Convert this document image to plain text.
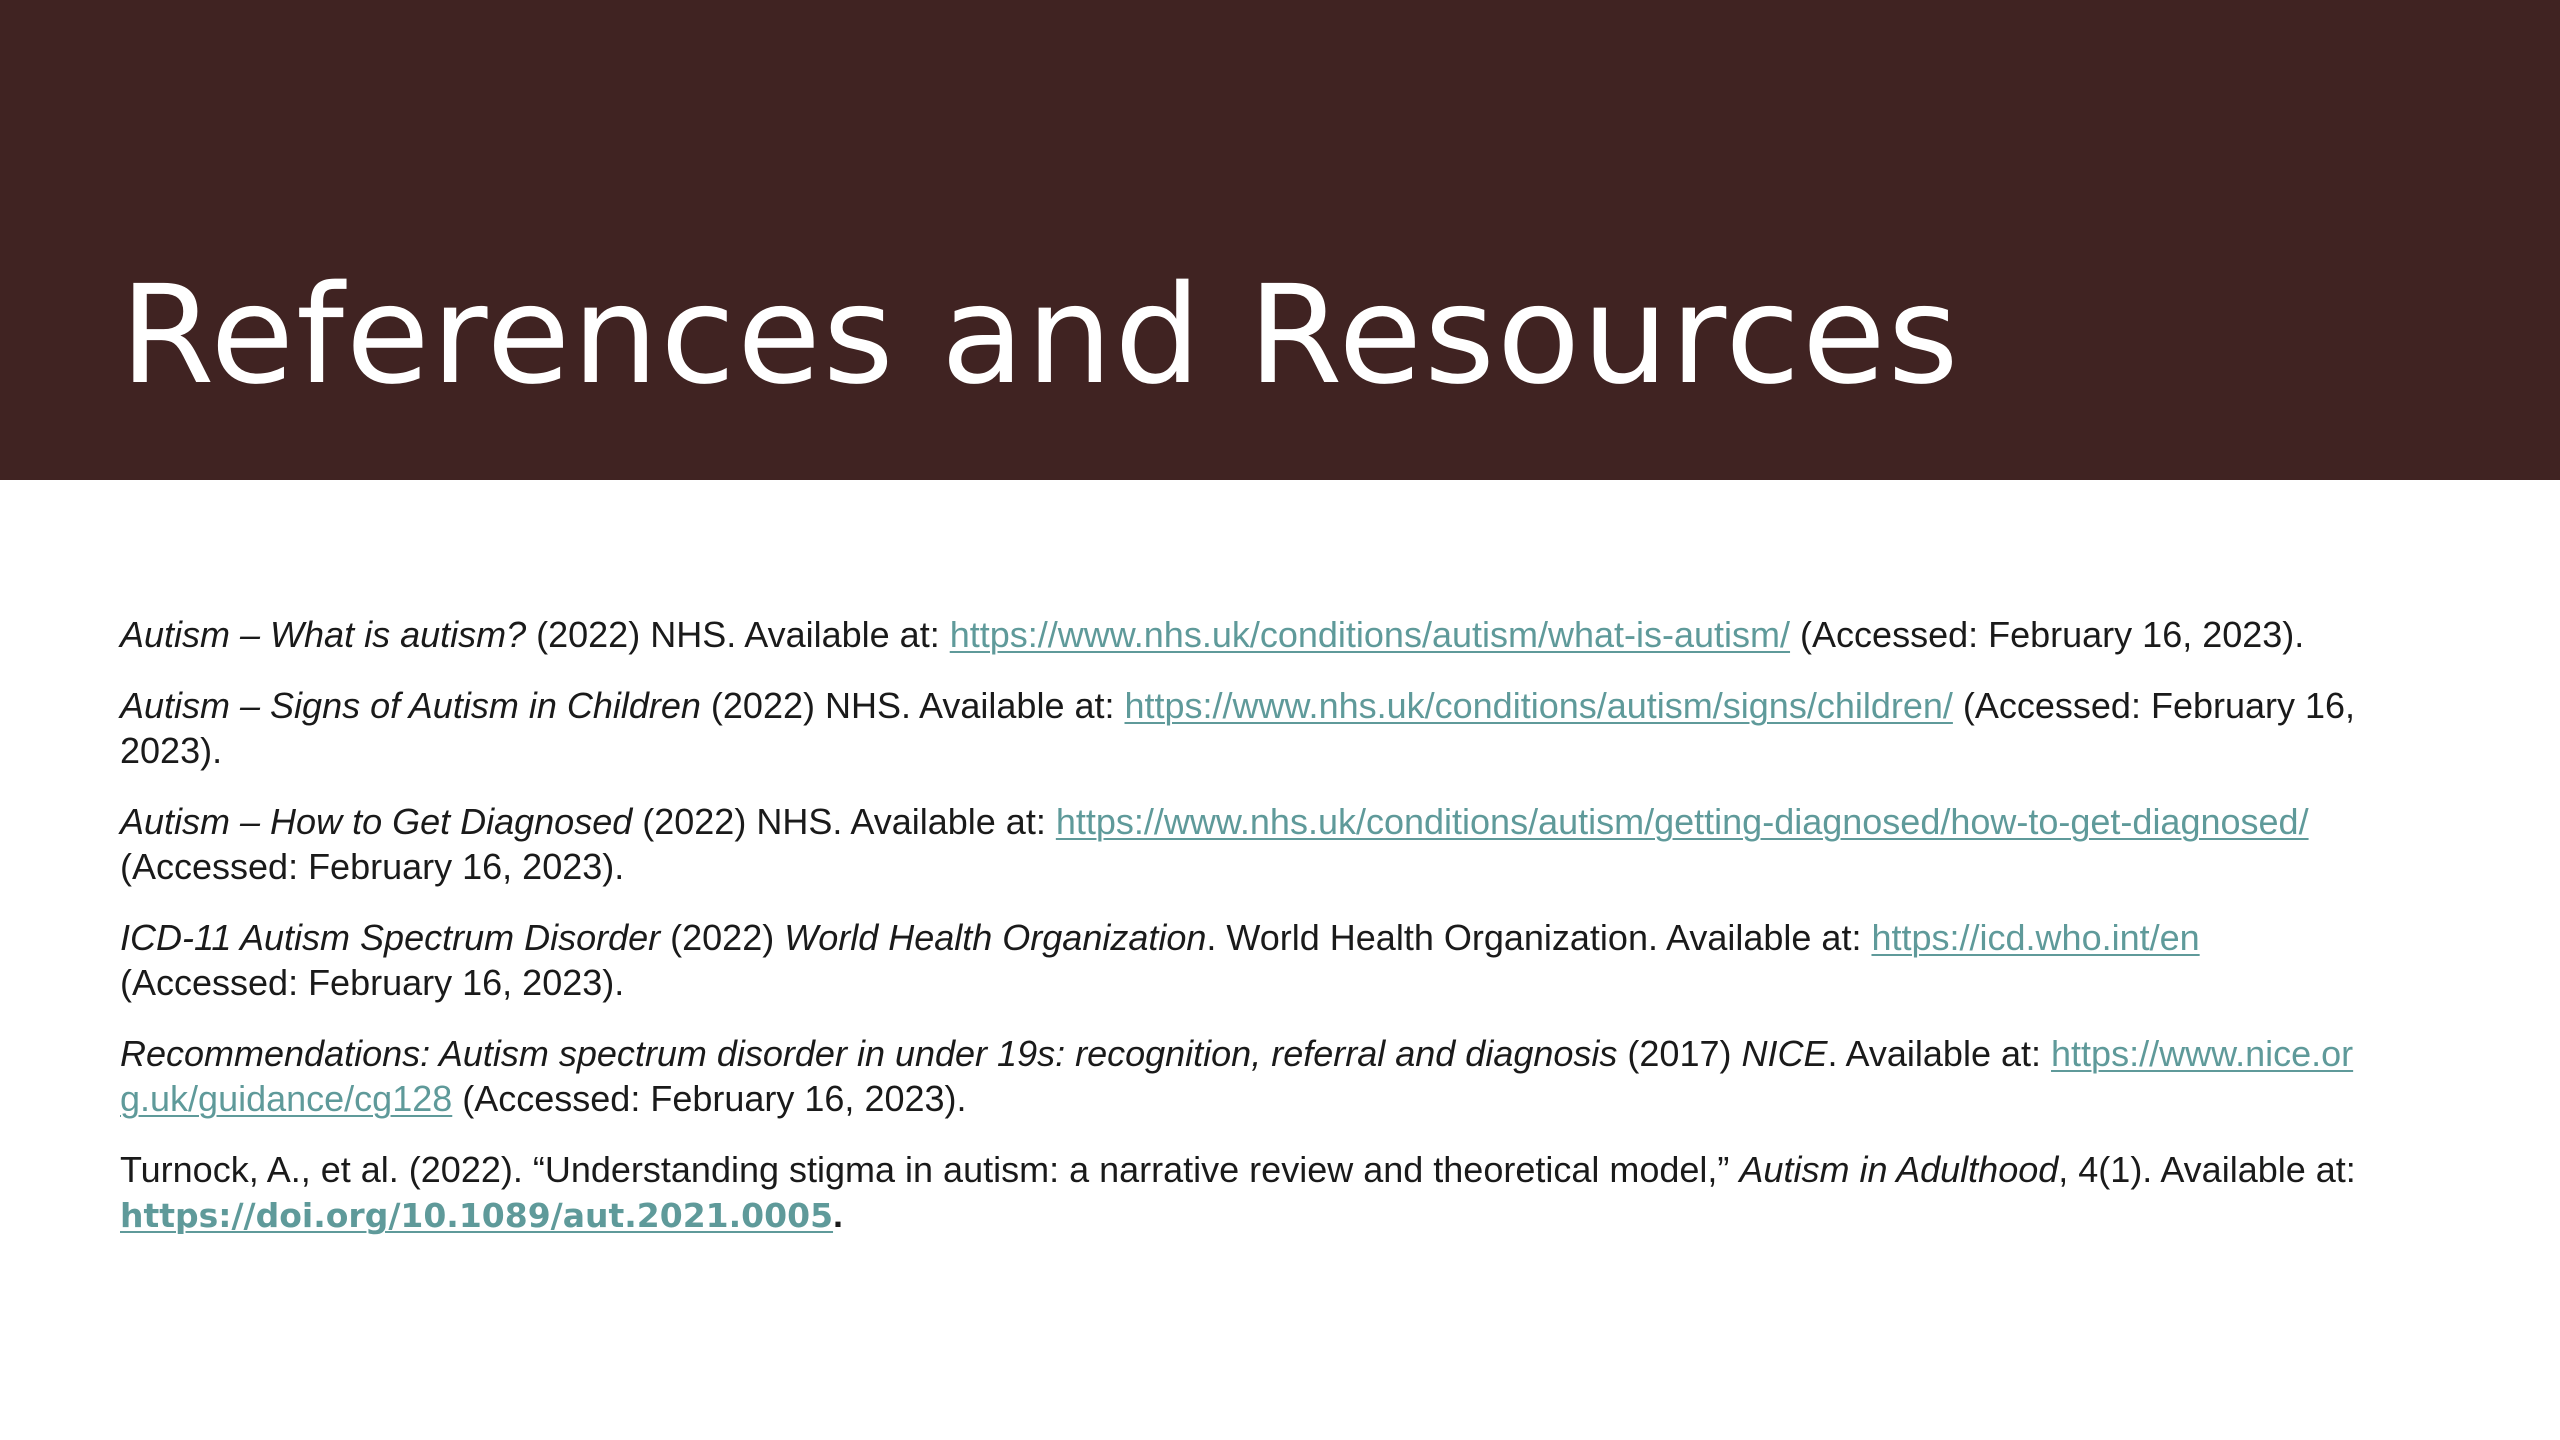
References and Resources
Autism – What is autism? (2022) NHS. Available at: https://www.nhs.uk/conditions/autism/what-is-autism/ (Accessed: February 16, 2023).
Autism – Signs of Autism in Children (2022) NHS. Available at: https://www.nhs.uk/conditions/autism/signs/children/ (Accessed: February 16, 2023).
Autism – How to Get Diagnosed (2022) NHS. Available at: https://www.nhs.uk/conditions/autism/getting-diagnosed/how-to-get-diagnosed/ (Accessed: February 16, 2023).
ICD-11 Autism Spectrum Disorder (2022) World Health Organization. World Health Organization. Available at: https://icd.who.int/en (Accessed: February 16, 2023).
Recommendations: Autism spectrum disorder in under 19s: recognition, referral and diagnosis (2017) NICE. Available at: https://www.nice.org.uk/guidance/cg128 (Accessed: February 16, 2023).
Turnock, A., et al. (2022). “Understanding stigma in autism: a narrative review and theoretical model,” Autism in Adulthood, 4(1). Available at: https://doi.org/10.1089/aut.2021.0005.
